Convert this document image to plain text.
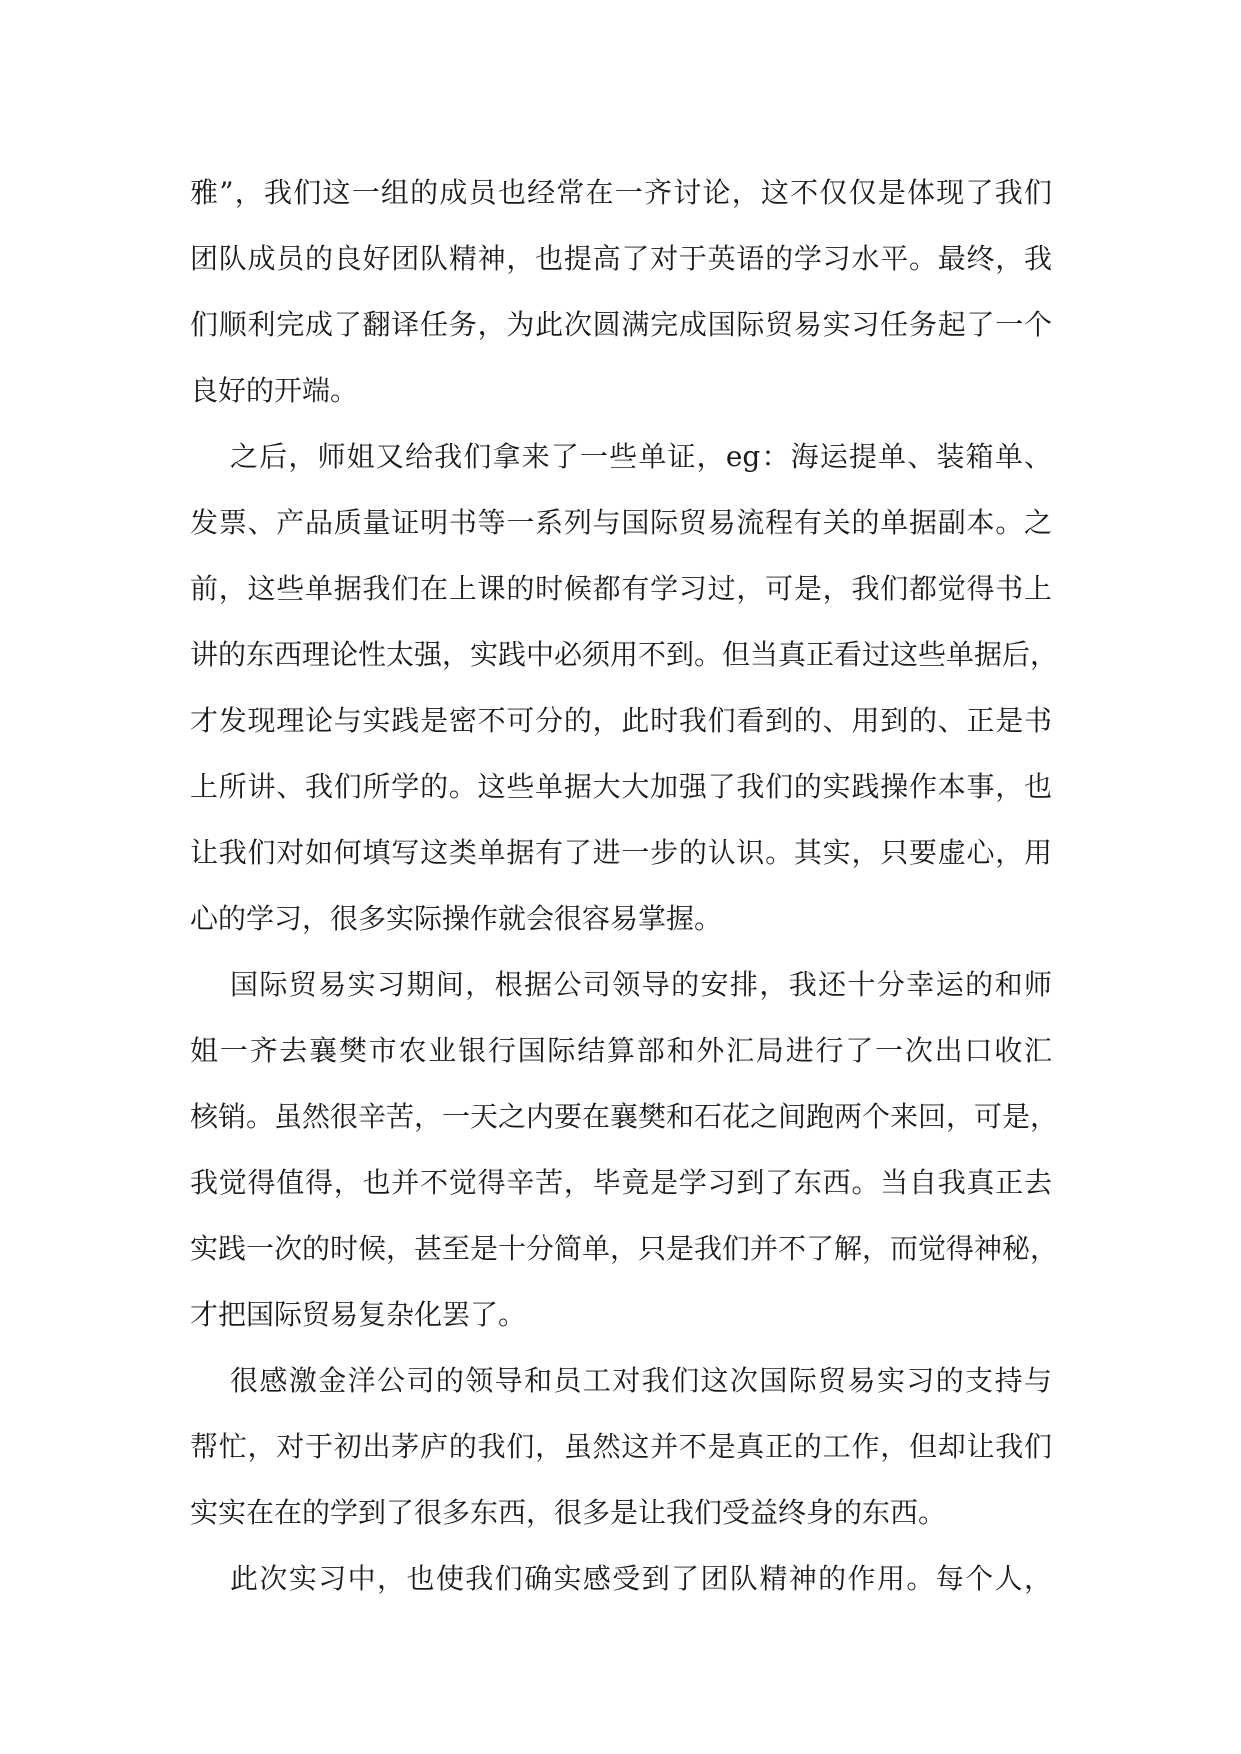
雅”，我们这一组的成员也经常在一齐讨论，这不仅仅是体现了我们
团队成员的良好团队精神，也提高了对于英语的学习水平。最终，我
们顺利完成了翻译任务，为此次圆满完成国际贸易实习任务起了一个
良好的开端。
之后，师姐又给我们拿来了一些单证，eg：海运提单、装箱单、
发票、产品质量证明书等一系列与国际贸易流程有关的单据副本。之
前，这些单据我们在上课的时候都有学习过，可是，我们都觉得书上
讲的东西理论性太强，实践中必须用不到。但当真正看过这些单据后，
才发现理论与实践是密不可分的，此时我们看到的、用到的、正是书
上所讲、我们所学的。这些单据大大加强了我们的实践操作本事，也
让我们对如何填写这类单据有了进一步的认识。其实，只要虚心，用
心的学习，很多实际操作就会很容易掌握。
国际贸易实习期间，根据公司领导的安排，我还十分幸运的和师
姐一齐去襄樊市农业银行国际结算部和外汇局进行了一次出口收汇
核销。虽然很辛苦，一天之内要在襄樊和石花之间跑两个来回，可是，
我觉得值得，也并不觉得辛苦，毕竟是学习到了东西。当自我真正去
实践一次的时候，甚至是十分简单，只是我们并不了解，而觉得神秘，
才把国际贸易复杂化罢了。
很感激金洋公司的领导和员工对我们这次国际贸易实习的支持与
帮忙，对于初出茅庐的我们，虽然这并不是真正的工作，但却让我们
实实在在的学到了很多东西，很多是让我们受益终身的东西。
此次实习中，也使我们确实感受到了团队精神的作用。每个人，
